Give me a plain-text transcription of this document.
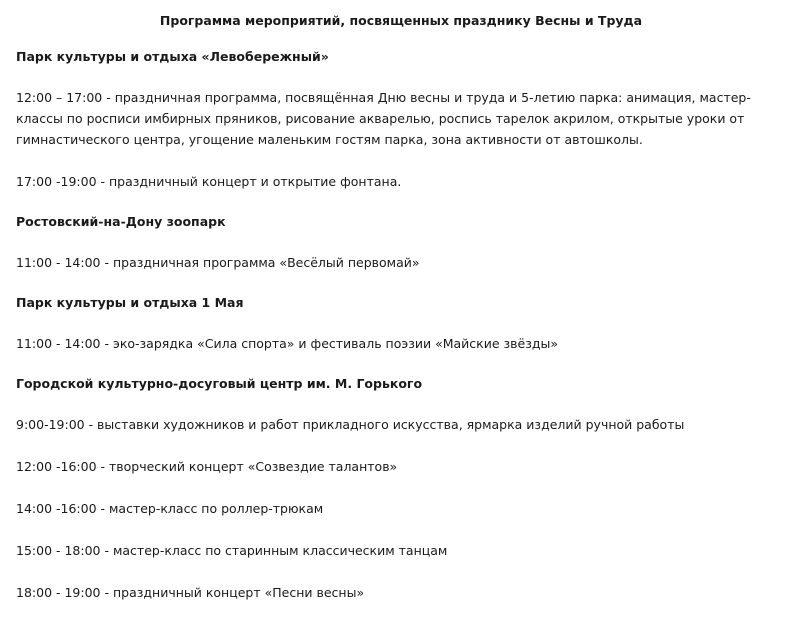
Программа мероприятий, посвященных празднику Весны и Труда
Парк культуры и отдыха «Левобережный»
12:00 – 17:00 - праздничная программа, посвящённая Дню весны и труда и 5-летию парка: анимация, мастер-классы по росписи имбирных пряников, рисование акварелью, роспись тарелок акрилом, открытые уроки от гимнастического центра, угощение маленьким гостям парка, зона активности от автошколы.
17:00 -19:00 - праздничный концерт и открытие фонтана.
Ростовский-на-Дону зоопарк
11:00 - 14:00 - праздничная программа «Весёлый первомай»
Парк культуры и отдыха 1 Мая
11:00 - 14:00 - эко-зарядка «Сила спорта» и фестиваль поэзии «Майские звёзды»
Городской культурно-досуговый центр им. М. Горького
9:00-19:00 - выставки художников и работ прикладного искусства, ярмарка изделий ручной работы
12:00 -16:00 - творческий концерт «Созвездие талантов»
14:00 -16:00 - мастер-класс по роллер-трюкам
15:00 - 18:00 - мастер-класс по старинным классическим танцам
18:00 - 19:00 - праздничный концерт «Песни весны»
